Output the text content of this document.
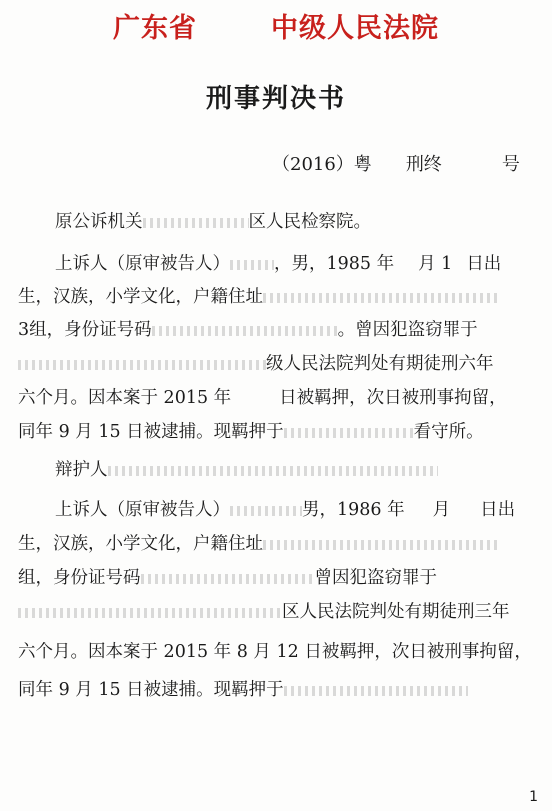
广东省	中级人民法院
刑事判决书
（2016）粤 刑终	号
原公诉机关	区人民检察院。
上诉人（原审被告人）	，男，1985 年 月 1 日出
生，汉族，小学文化，户籍住址
3组，身份证号码	。曾因犯盗窃罪于
级人民法院判处有期徒刑六年
六个月。因本案于 2015 年	日被羁押，次日被刑事拘留，
同年 9 月 15 日被逮捕。现羁押于	看守所。
辩护人
上诉人（原审被告人）	男，1986 年 月 日出
生，汉族，小学文化，户籍住址
组，身份证号码	曾因犯盗窃罪于
区人民法院判处有期徒刑三年
六个月。因本案于 2015 年 8 月 12 日被羁押，次日被刑事拘留，
同年 9 月 15 日被逮捕。现羁押于
1
